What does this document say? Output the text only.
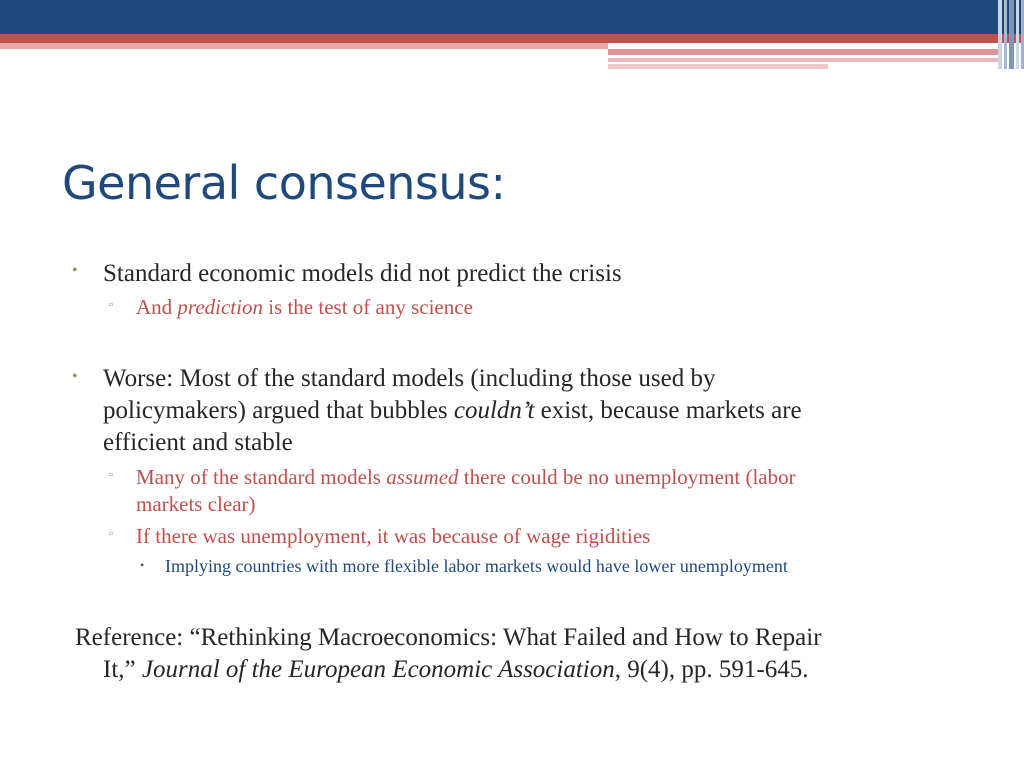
General consensus:
• Standard economic models did not predict the crisis
▫ And prediction is the test of any science
• Worse: Most of the standard models (including those used by
policymakers) argued that bubbles couldn’t exist, because markets are
efficient and stable
▫ Many of the standard models assumed there could be no unemployment (labor
markets clear)
▫ If there was unemployment, it was because of wage rigidities
• Implying countries with more flexible labor markets would have lower unemployment
Reference: “Rethinking Macroeconomics: What Failed and How to Repair
It,” Journal of the European Economic Association, 9(4), pp. 591-645.
